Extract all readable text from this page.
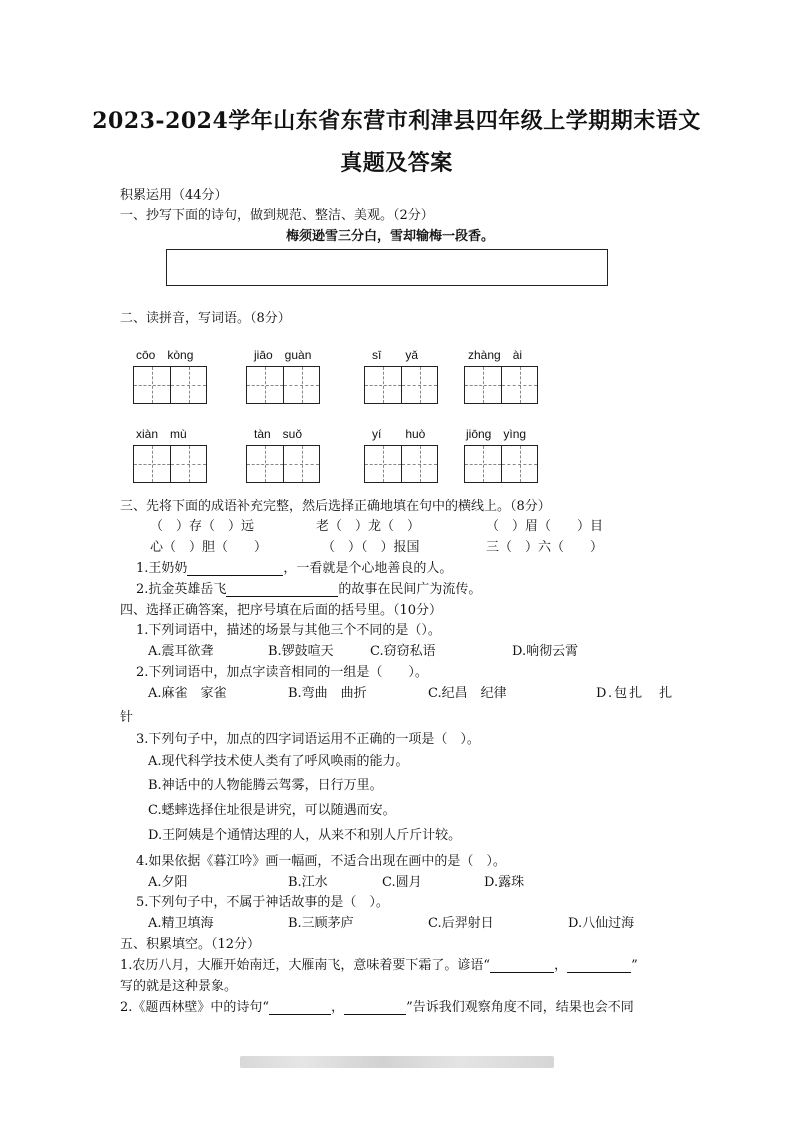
2023-2024学年山东省东营市利津县四年级上学期期末语文
真题及答案
积累运用（44分）
一、抄写下面的诗句，做到规范、整洁、美观。（2分）
梅须逊雪三分白，雪却输梅一段香。
二、读拼音，写词语。（8分）
cōo　kòng	jiāo　guàn	sī　　yǎ	zhàng　ài
xiàn　mù	tàn　suǒ	yí　　huò	jiōng　yìng
三、先将下面的成语补充完整，然后选择正确地填在句中的横线上。（8分）
（　）存（　）远	老（　）龙（　）	（　）眉（　　）目
心（　）胆（　　）	（　）（　）报国	三（　）六（　　）
1.王奶奶	，一看就是个心地善良的人。
2.抗金英雄岳飞	的故事在民间广为流传。
四、选择正确答案，把序号填在后面的括号里。（10分）
1.下列词语中，描述的场景与其他三个不同的是（）。
A.震耳欲聋	B.锣鼓喧天	C.窃窃私语	D.响彻云霄
2.下列词语中，加点字读音相同的一组是（　　）。
A.麻雀　家雀	B.弯曲　曲折	C.纪昌　纪律	D.包扎　扎
针
3.下列句子中，加点的四字词语运用不正确的一项是（　）。
A.现代科学技术使人类有了呼风唤雨的能力。
B.神话中的人物能腾云驾雾，日行万里。
C.蟋蟀选择住址很是讲究，可以随遇而安。
D.王阿姨是个通情达理的人，从来不和别人斤斤计较。
4.如果依据《暮江吟》画一幅画，不适合出现在画中的是（　）。
A.夕阳	B.江水	C.圆月	D.露珠
5.下列句子中，不属于神话故事的是（　）。
A.精卫填海	B.三顾茅庐	C.后羿射日	D.八仙过海
五、积累填空。（12分）
1.农历八月，大雁开始南迁，大雁南飞，意味着要下霜了。谚语“	，	”
写的就是这种景象。
2.《题西林壁》中的诗句“	，	”告诉我们观察角度不同，结果也会不同
